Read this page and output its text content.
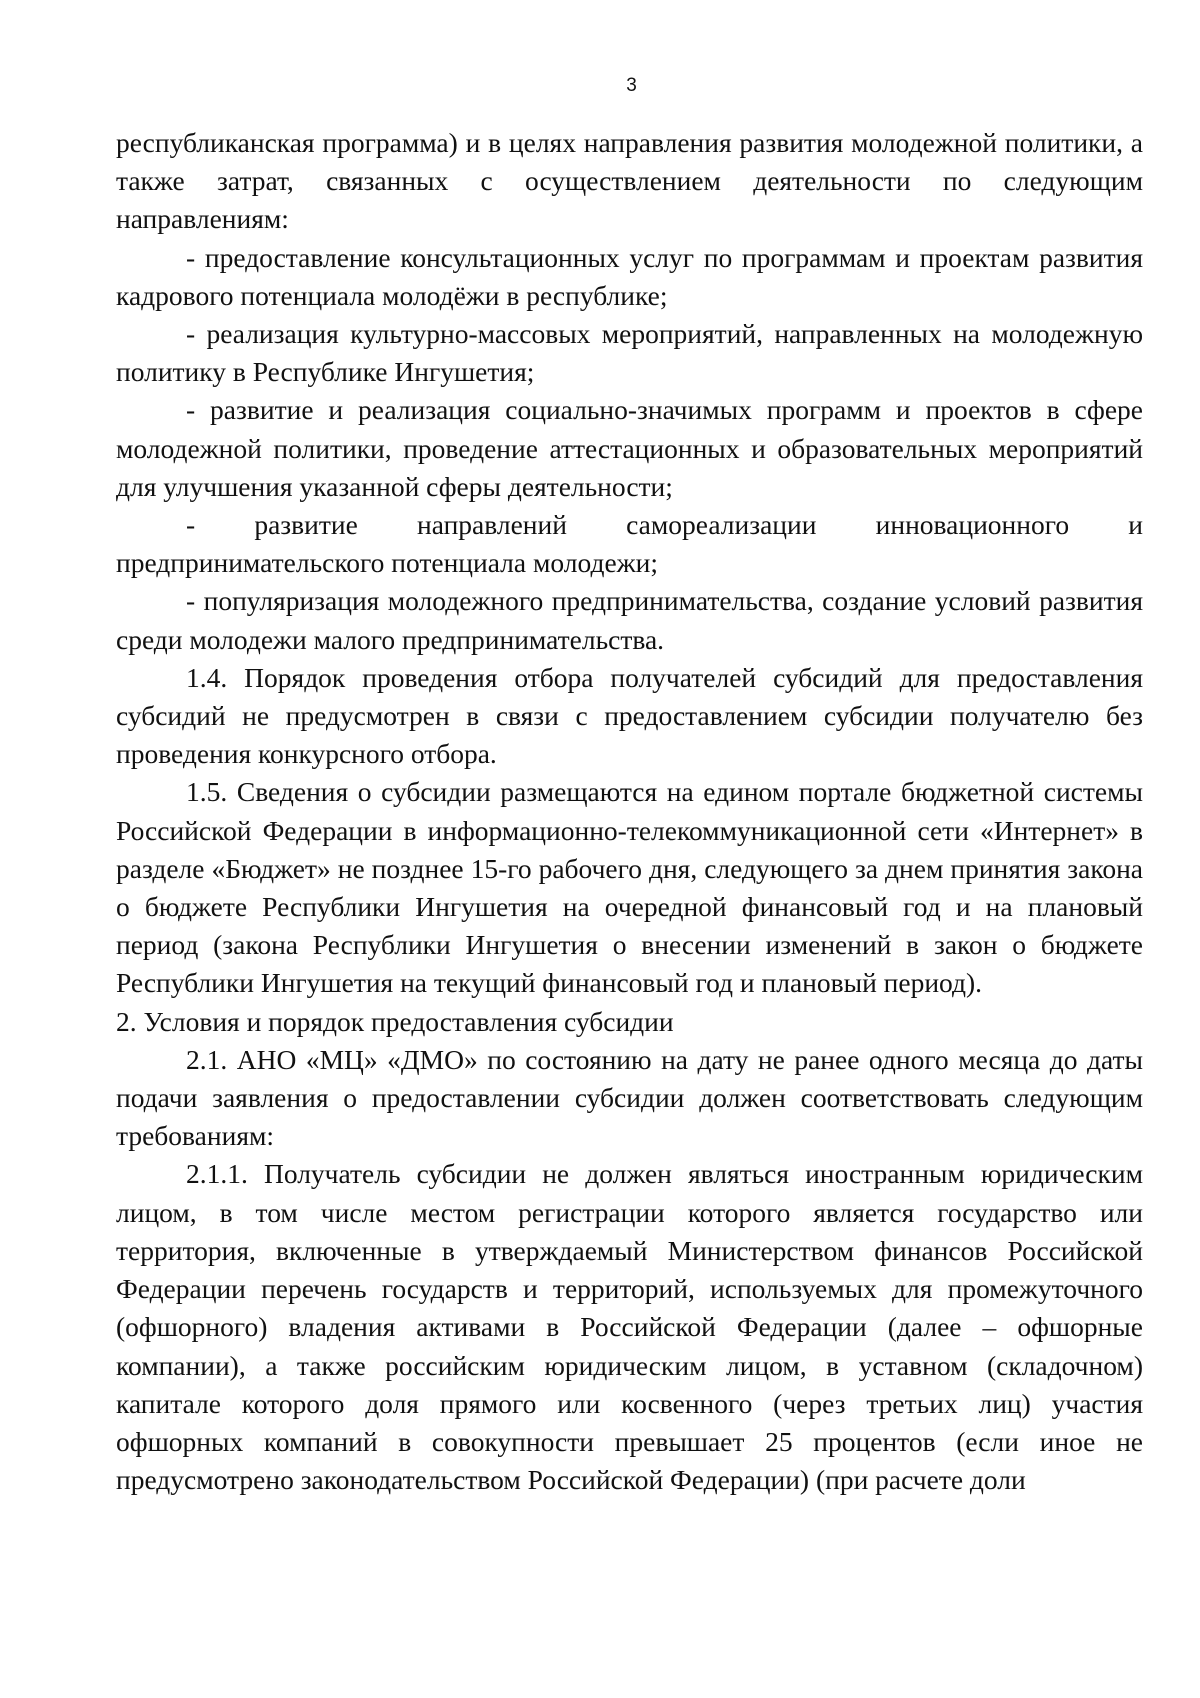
3

республиканская программа) и в целях направления развития молодежной политики, а также затрат, связанных с осуществлением деятельности по следующим направлениям:

- предоставление консультационных услуг по программам и проектам развития кадрового потенциала молодёжи в республике;

- реализация культурно-массовых мероприятий, направленных на молодежную политику в Республике Ингушетия;

- развитие и реализация социально-значимых программ и проектов в сфере молодежной политики, проведение аттестационных и образовательных мероприятий для улучшения указанной сферы деятельности;

- развитие направлений самореализации инновационного и предпринимательского потенциала молодежи;

- популяризация молодежного предпринимательства, создание условий развития среди молодежи малого предпринимательства.

1.4. Порядок проведения отбора получателей субсидий для предоставления субсидий не предусмотрен в связи с предоставлением субсидии получателю без проведения конкурсного отбора.

1.5. Сведения о субсидии размещаются на едином портале бюджетной системы Российской Федерации в информационно-телекоммуникационной сети «Интернет» в разделе «Бюджет» не позднее 15-го рабочего дня, следующего за днем принятия закона о бюджете Республики Ингушетия на очередной финансовый год и на плановый период (закона Республики Ингушетия о внесении изменений в закон о бюджете Республики Ингушетия на текущий финансовый год и плановый период).

2. Условия и порядок предоставления субсидии

2.1. АНО «МЦ» «ДМО» по состоянию на дату не ранее одного месяца до даты подачи заявления о предоставлении субсидии должен соответствовать следующим требованиям:

2.1.1. Получатель субсидии не должен являться иностранным юридическим лицом, в том числе местом регистрации которого является государство или территория, включенные в утверждаемый Министерством финансов Российской Федерации перечень государств и территорий, используемых для промежуточного (офшорного) владения активами в Российской Федерации (далее – офшорные компании), а также российским юридическим лицом, в уставном (складочном) капитале которого доля прямого или косвенного (через третьих лиц) участия офшорных компаний в совокупности превышает 25 процентов (если иное не предусмотрено законодательством Российской Федерации) (при расчете доли
